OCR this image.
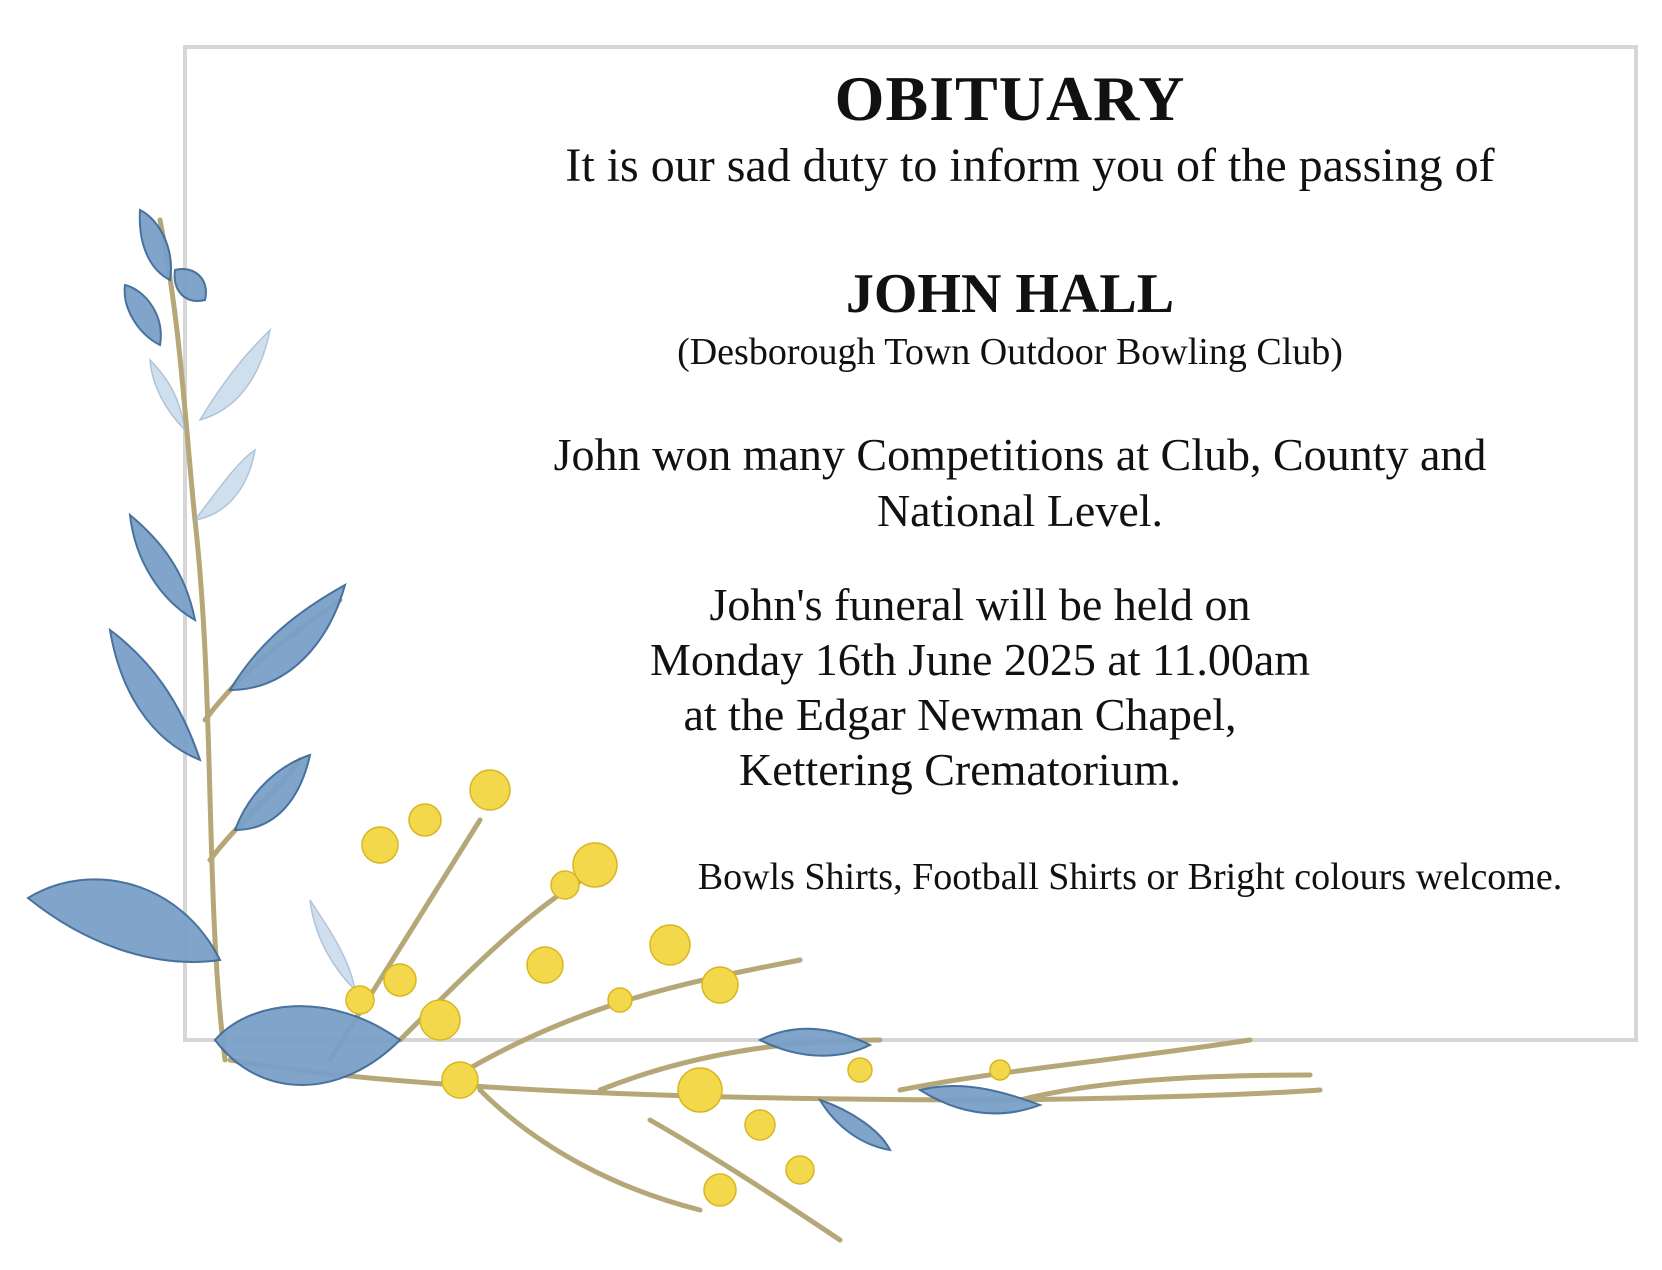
OBITUARY
It is our sad duty to inform you of the passing of
JOHN HALL
(Desborough Town Outdoor Bowling Club)
John won many Competitions at Club, County and
National Level.
John's funeral will be held on
Monday 16th June 2025 at 11.00am
at the Edgar Newman Chapel,
Kettering Crematorium.
Bowls Shirts, Football Shirts or Bright colours welcome.
